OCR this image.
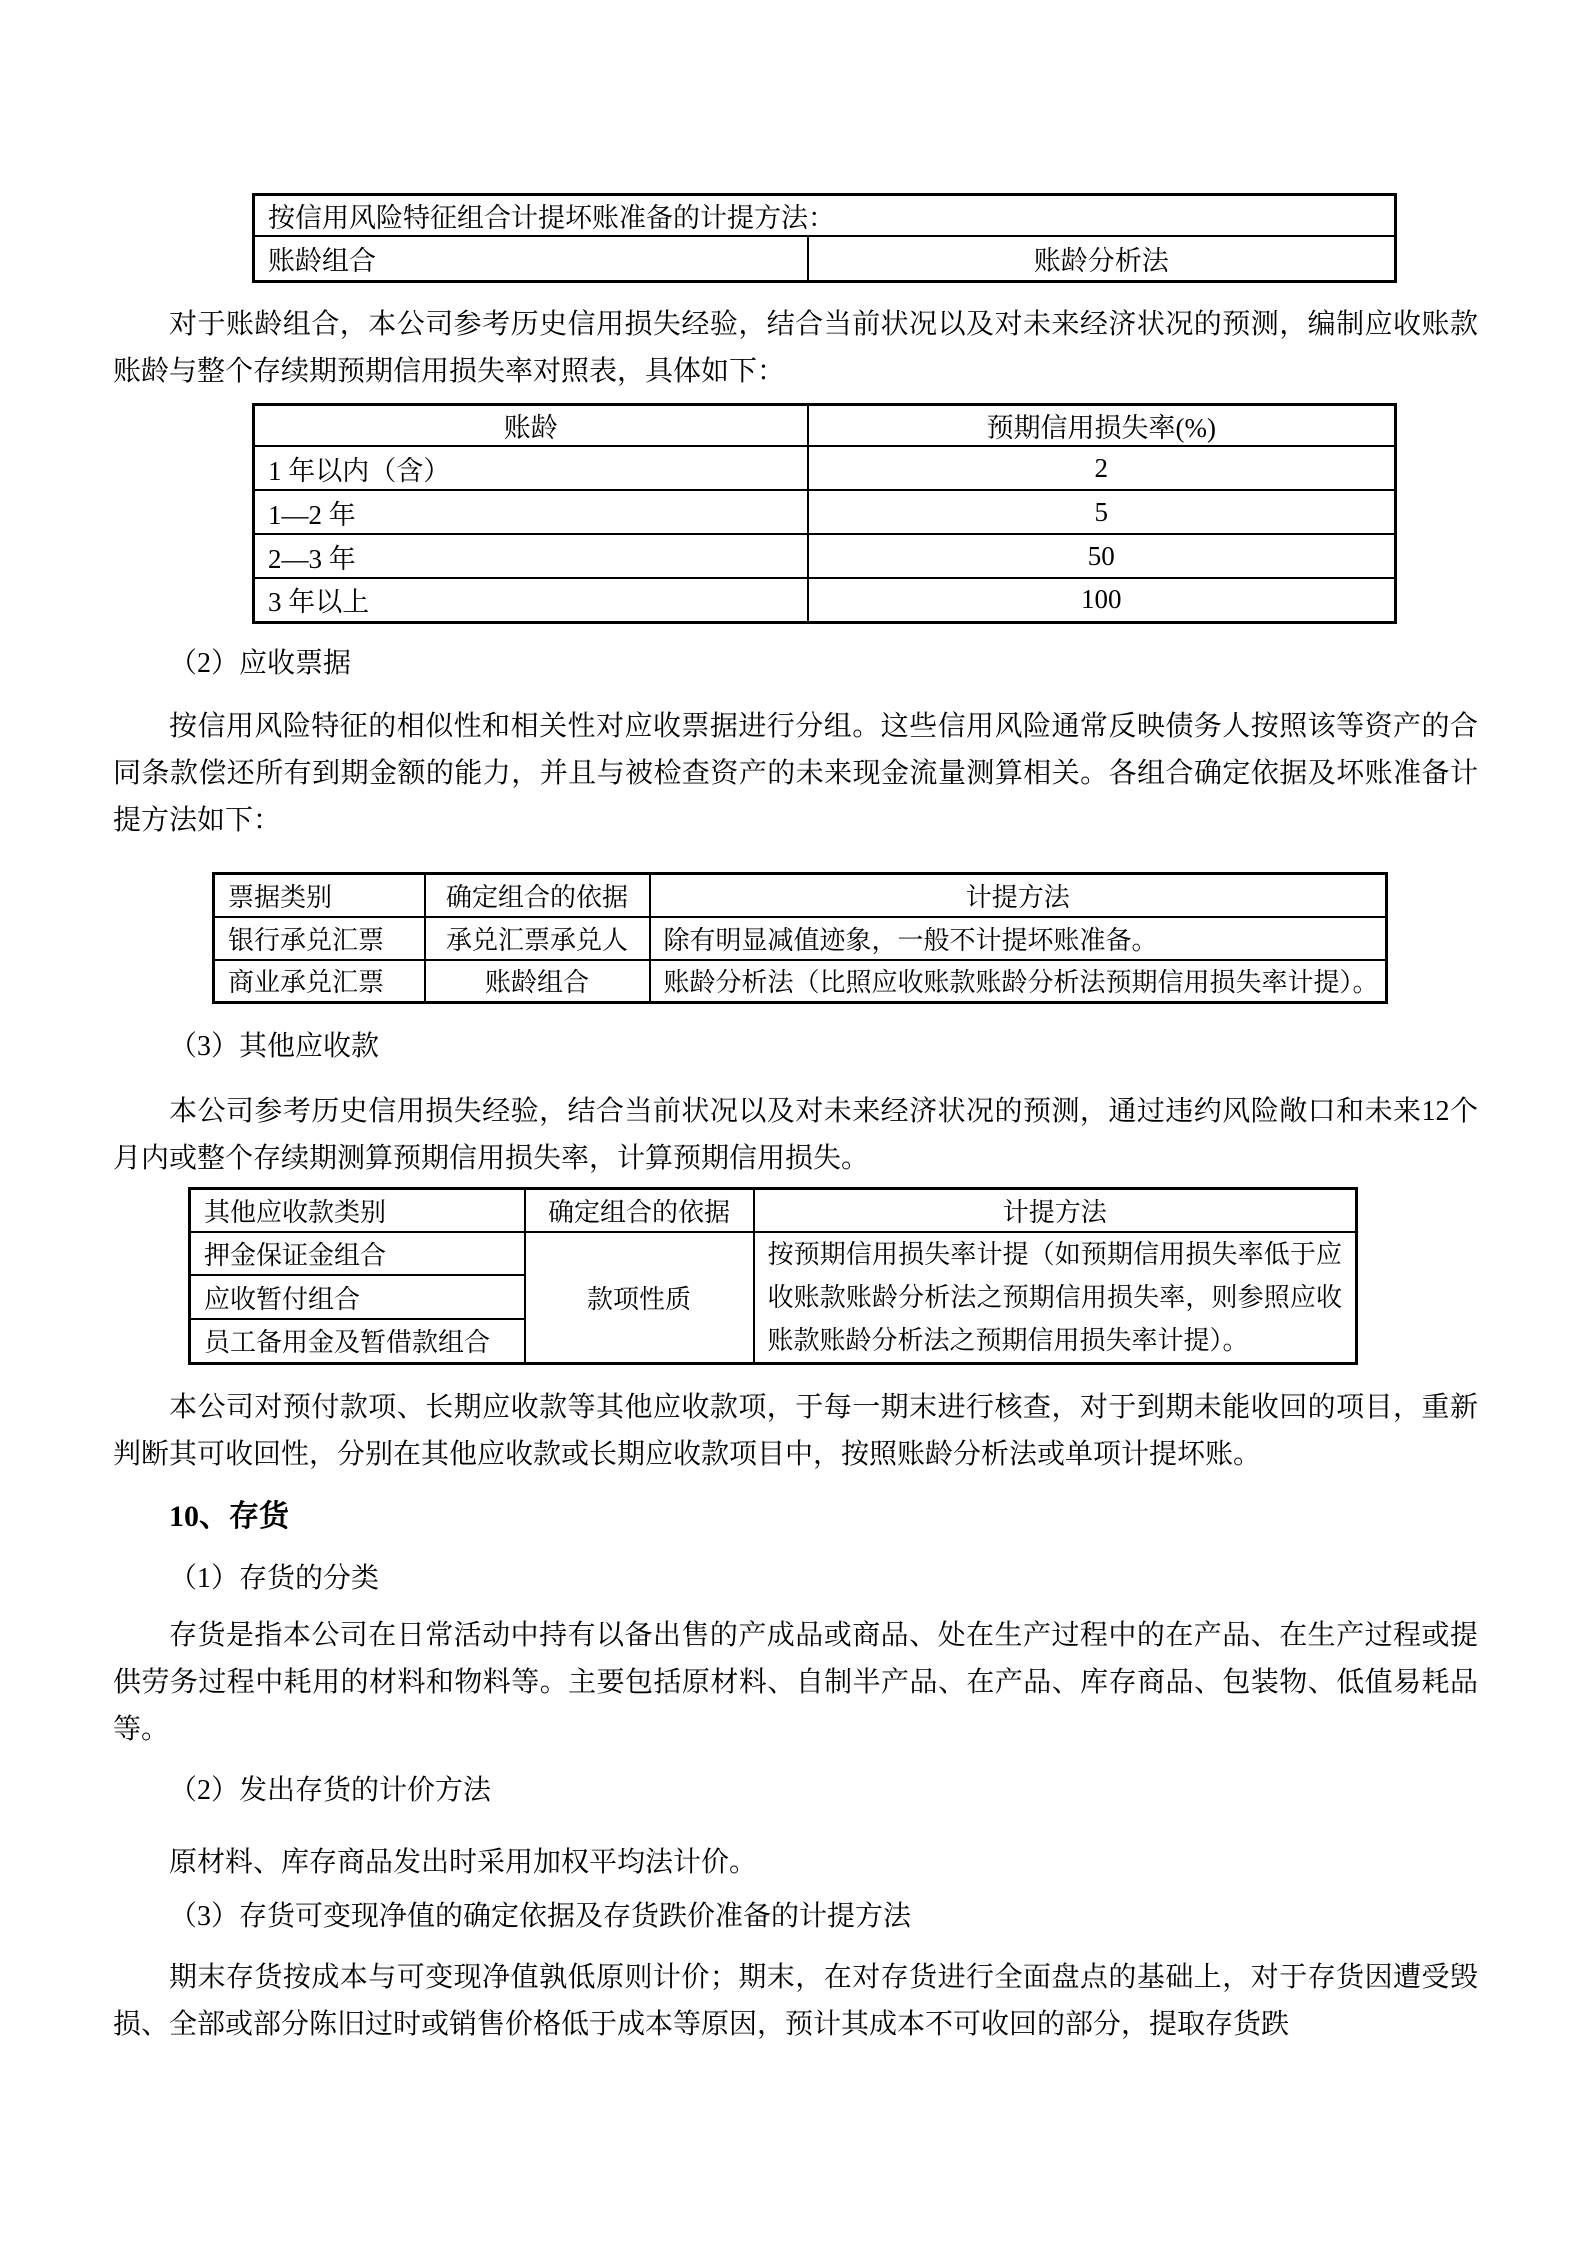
按信用风险特征组合计提坏账准备的计提方法：
账龄组合	账龄分析法
对于账龄组合，本公司参考历史信用损失经验，结合当前状况以及对未来经济状况的预测，编制应收账款账龄与整个存续期预期信用损失率对照表，具体如下：
账龄	预期信用损失率(%)
1 年以内（含）	2
1—2 年	5
2—3 年	50
3 年以上	100
（2）应收票据
按信用风险特征的相似性和相关性对应收票据进行分组。这些信用风险通常反映债务人按照该等资产的合同条款偿还所有到期金额的能力，并且与被检查资产的未来现金流量测算相关。各组合确定依据及坏账准备计提方法如下：
票据类别	确定组合的依据	计提方法
银行承兑汇票	承兑汇票承兑人	除有明显减值迹象，一般不计提坏账准备。
商业承兑汇票	账龄组合	账龄分析法（比照应收账款账龄分析法预期信用损失率计提）。
（3）其他应收款
本公司参考历史信用损失经验，结合当前状况以及对未来经济状况的预测，通过违约风险敞口和未来12个月内或整个存续期测算预期信用损失率，计算预期信用损失。
其他应收款类别	确定组合的依据	计提方法
押金保证金组合	款项性质	按预期信用损失率计提（如预期信用损失率低于应收账款账龄分析法之预期信用损失率，则参照应收账款账龄分析法之预期信用损失率计提）。
应收暂付组合		
员工备用金及暂借款组合		
本公司对预付款项、长期应收款等其他应收款项，于每一期末进行核查，对于到期未能收回的项目，重新判断其可收回性，分别在其他应收款或长期应收款项目中，按照账龄分析法或单项计提坏账。
10、存货
（1）存货的分类
存货是指本公司在日常活动中持有以备出售的产成品或商品、处在生产过程中的在产品、在生产过程或提供劳务过程中耗用的材料和物料等。主要包括原材料、自制半产品、在产品、库存商品、包装物、低值易耗品等。
（2）发出存货的计价方法
原材料、库存商品发出时采用加权平均法计价。
（3）存货可变现净值的确定依据及存货跌价准备的计提方法
期末存货按成本与可变现净值孰低原则计价；期末，在对存货进行全面盘点的基础上，对于存货因遭受毁损、全部或部分陈旧过时或销售价格低于成本等原因，预计其成本不可收回的部分，提取存货跌
